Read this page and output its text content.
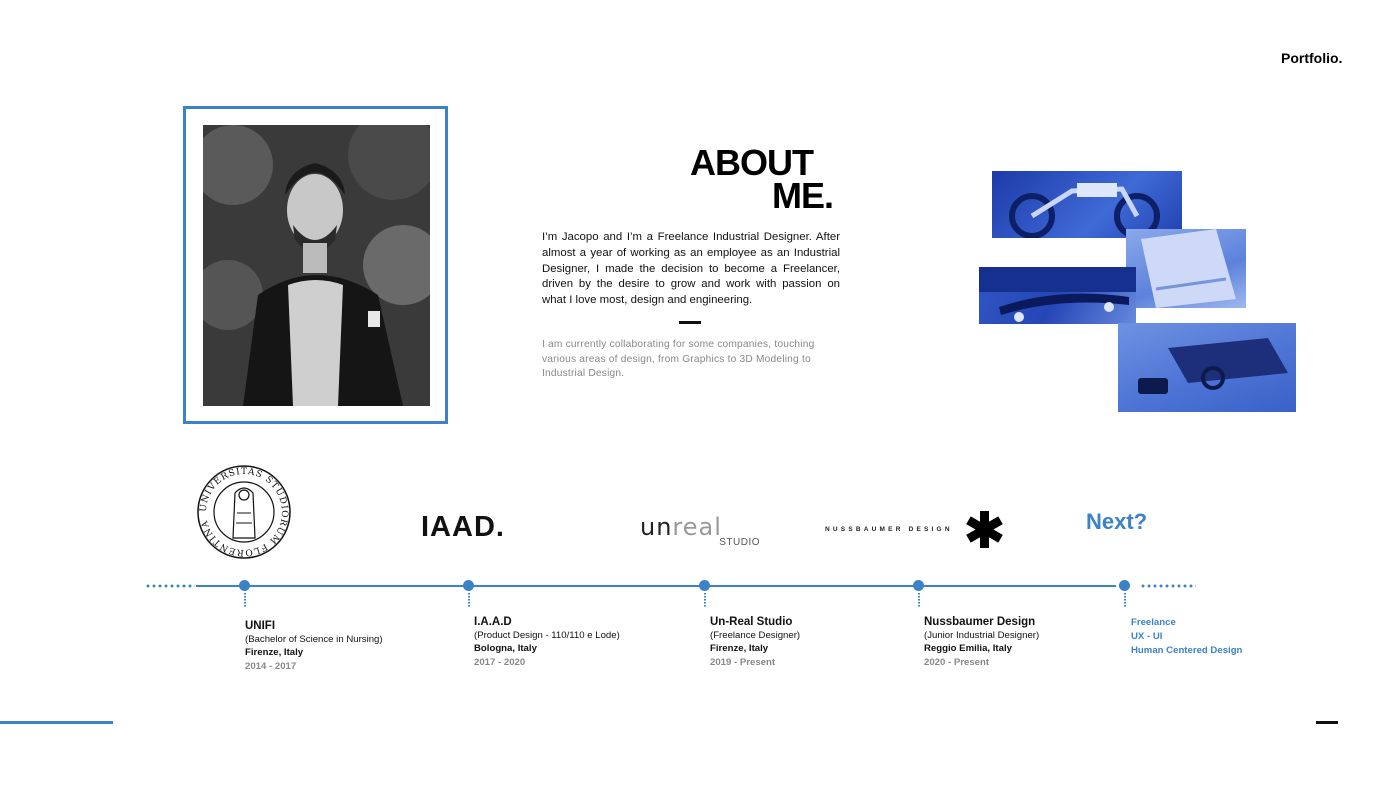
Portfolio.
ABOUT
ME.
I’m Jacopo and I’m a Freelance Industrial Designer. After almost a year of working as an employee as an Industrial Designer, I made the decision to become a Freelancer, driven by the desire to grow and work with passion on what I love most, design and engineering.
I am currently collaborating for some companies, touching various areas of design, from Graphics to 3D Modeling to Industrial Design.
UNIVERSITAS STUDIORUM FLORENTINA	IAAD.	unreal
STUDIO
NUSSBAUMER DESIGN	Next?
UNIFI
(Bachelor of Science in Nursing)
Firenze, Italy
2014 - 2017
I.A.A.D
(Product Design - 110/110 e Lode)
Bologna, Italy
2017 - 2020
Un-Real Studio
(Freelance Designer)
Firenze, Italy
2019 - Present
Nussbaumer Design
(Junior Industrial Designer)
Reggio Emilia, Italy
2020 - Present
Freelance
UX - UI
Human Centered Design
